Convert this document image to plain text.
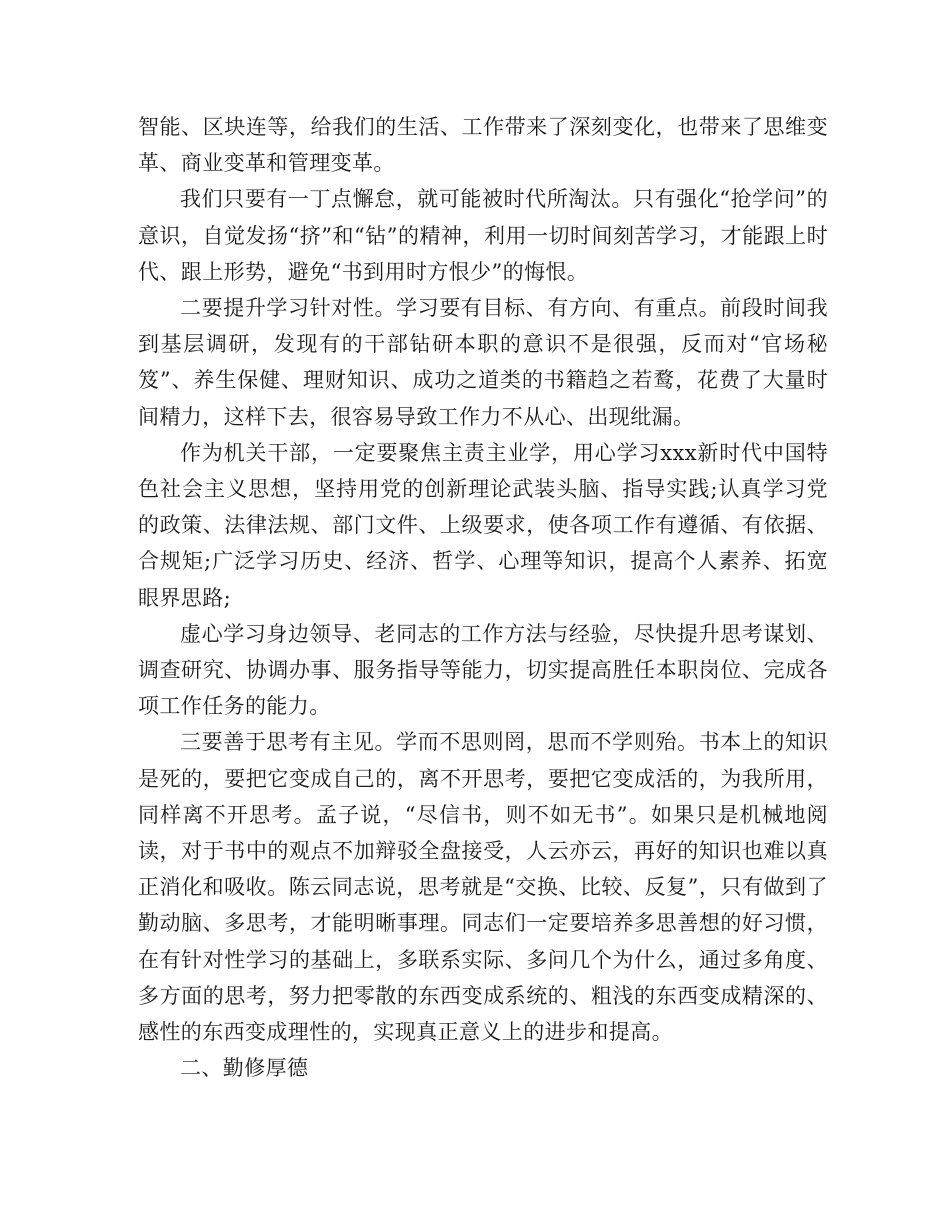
智能、区块连等，给我们的生活、工作带来了深刻变化，也带来了思维变革、商业变革和管理变革。

我们只要有一丁点懈怠，就可能被时代所淘汰。只有强化“抢学问”的意识，自觉发扬“挤”和“钻”的精神，利用一切时间刻苦学习，才能跟上时代、跟上形势，避免“书到用时方恨少”的悔恨。

二要提升学习针对性。学习要有目标、有方向、有重点。前段时间我到基层调研，发现有的干部钻研本职的意识不是很强，反而对“官场秘笈”、养生保健、理财知识、成功之道类的书籍趋之若鹜，花费了大量时间精力，这样下去，很容易导致工作力不从心、出现纰漏。

作为机关干部，一定要聚焦主责主业学，用心学习xxx新时代中国特色社会主义思想，坚持用党的创新理论武装头脑、指导实践;认真学习党的政策、法律法规、部门文件、上级要求，使各项工作有遵循、有依据、合规矩;广泛学习历史、经济、哲学、心理等知识，提高个人素养、拓宽眼界思路;

虚心学习身边领导、老同志的工作方法与经验，尽快提升思考谋划、调查研究、协调办事、服务指导等能力，切实提高胜任本职岗位、完成各项工作任务的能力。

三要善于思考有主见。学而不思则罔，思而不学则殆。书本上的知识是死的，要把它变成自己的，离不开思考，要把它变成活的，为我所用，同样离不开思考。孟子说，“尽信书，则不如无书”。如果只是机械地阅读，对于书中的观点不加辩驳全盘接受，人云亦云，再好的知识也难以真正消化和吸收。陈云同志说，思考就是“交换、比较、反复”，只有做到了勤动脑、多思考，才能明晰事理。同志们一定要培养多思善想的好习惯，在有针对性学习的基础上，多联系实际、多问几个为什么，通过多角度、多方面的思考，努力把零散的东西变成系统的、粗浅的东西变成精深的、感性的东西变成理性的，实现真正意义上的进步和提高。

二、勤修厚德
